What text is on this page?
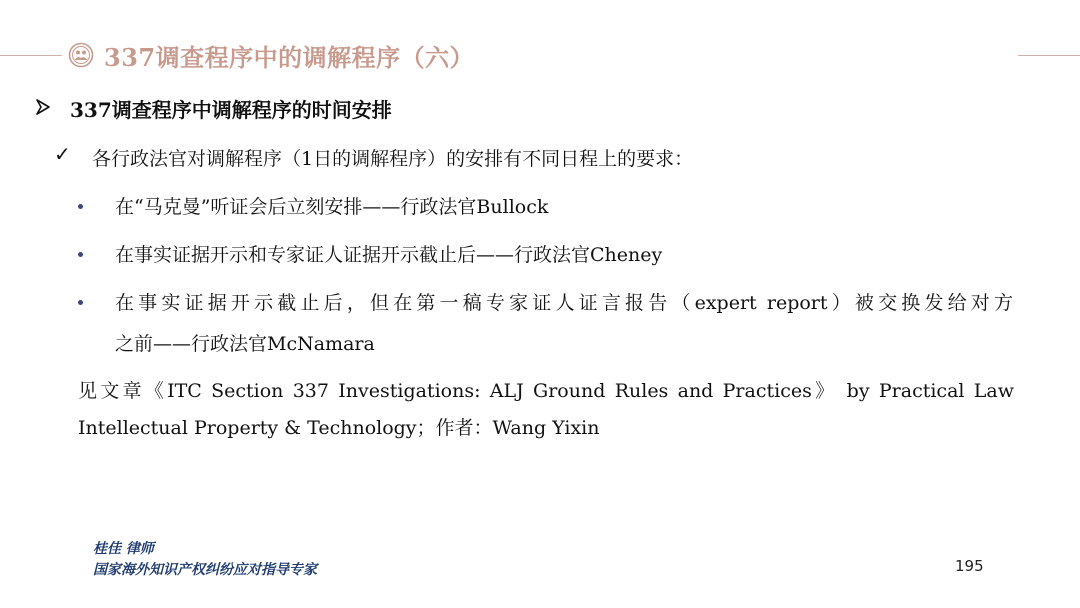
337调查程序中的调解程序（六）
337调查程序中调解程序的时间安排
✓ 各行政法官对调解程序（1日的调解程序）的安排有不同日程上的要求：
在“马克曼”听证会后立刻安排——行政法官Bullock
在事实证据开示和专家证人证据开示截止后——行政法官Cheney
在事实证据开示截止后，但在第一稿专家证人证言报告（expert report）被交换发给对方
之前——行政法官McNamara
见文章《ITC Section 337 Investigations: ALJ Ground Rules and Practices》 by Practical Law
Intellectual Property & Technology；作者：Wang Yixin
桂佳 律师
国家海外知识产权纠纷应对指导专家	195
